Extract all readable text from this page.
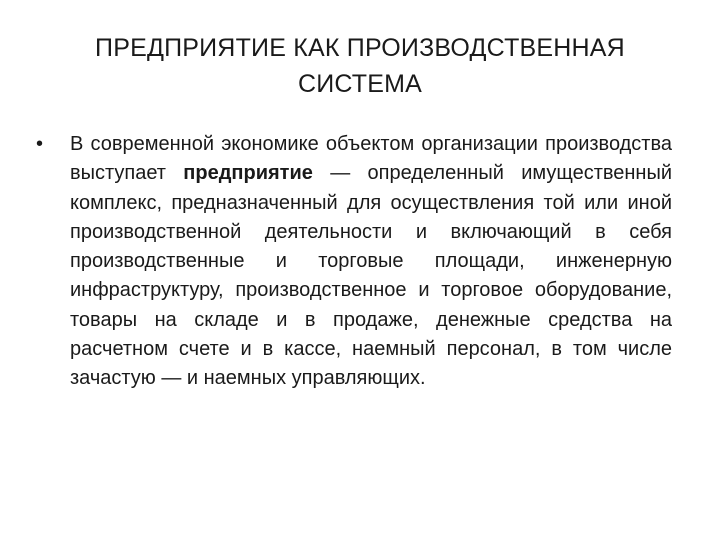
ПРЕДПРИЯТИЕ КАК ПРОИЗВОДСТВЕННАЯ
СИСТЕМА
• В современной экономике объектом организации производства выступает предприятие — определенный имущественный комплекс, предназначенный для осуществления той или иной производственной деятельности и включающий в себя производственные и торговые площади, инженерную инфраструктуру, производственное и торговое оборудование, товары на складе и в продаже, денежные средства на расчетном счете и в кассе, наемный персонал, в том числе зачастую — и наемных управляющих.
